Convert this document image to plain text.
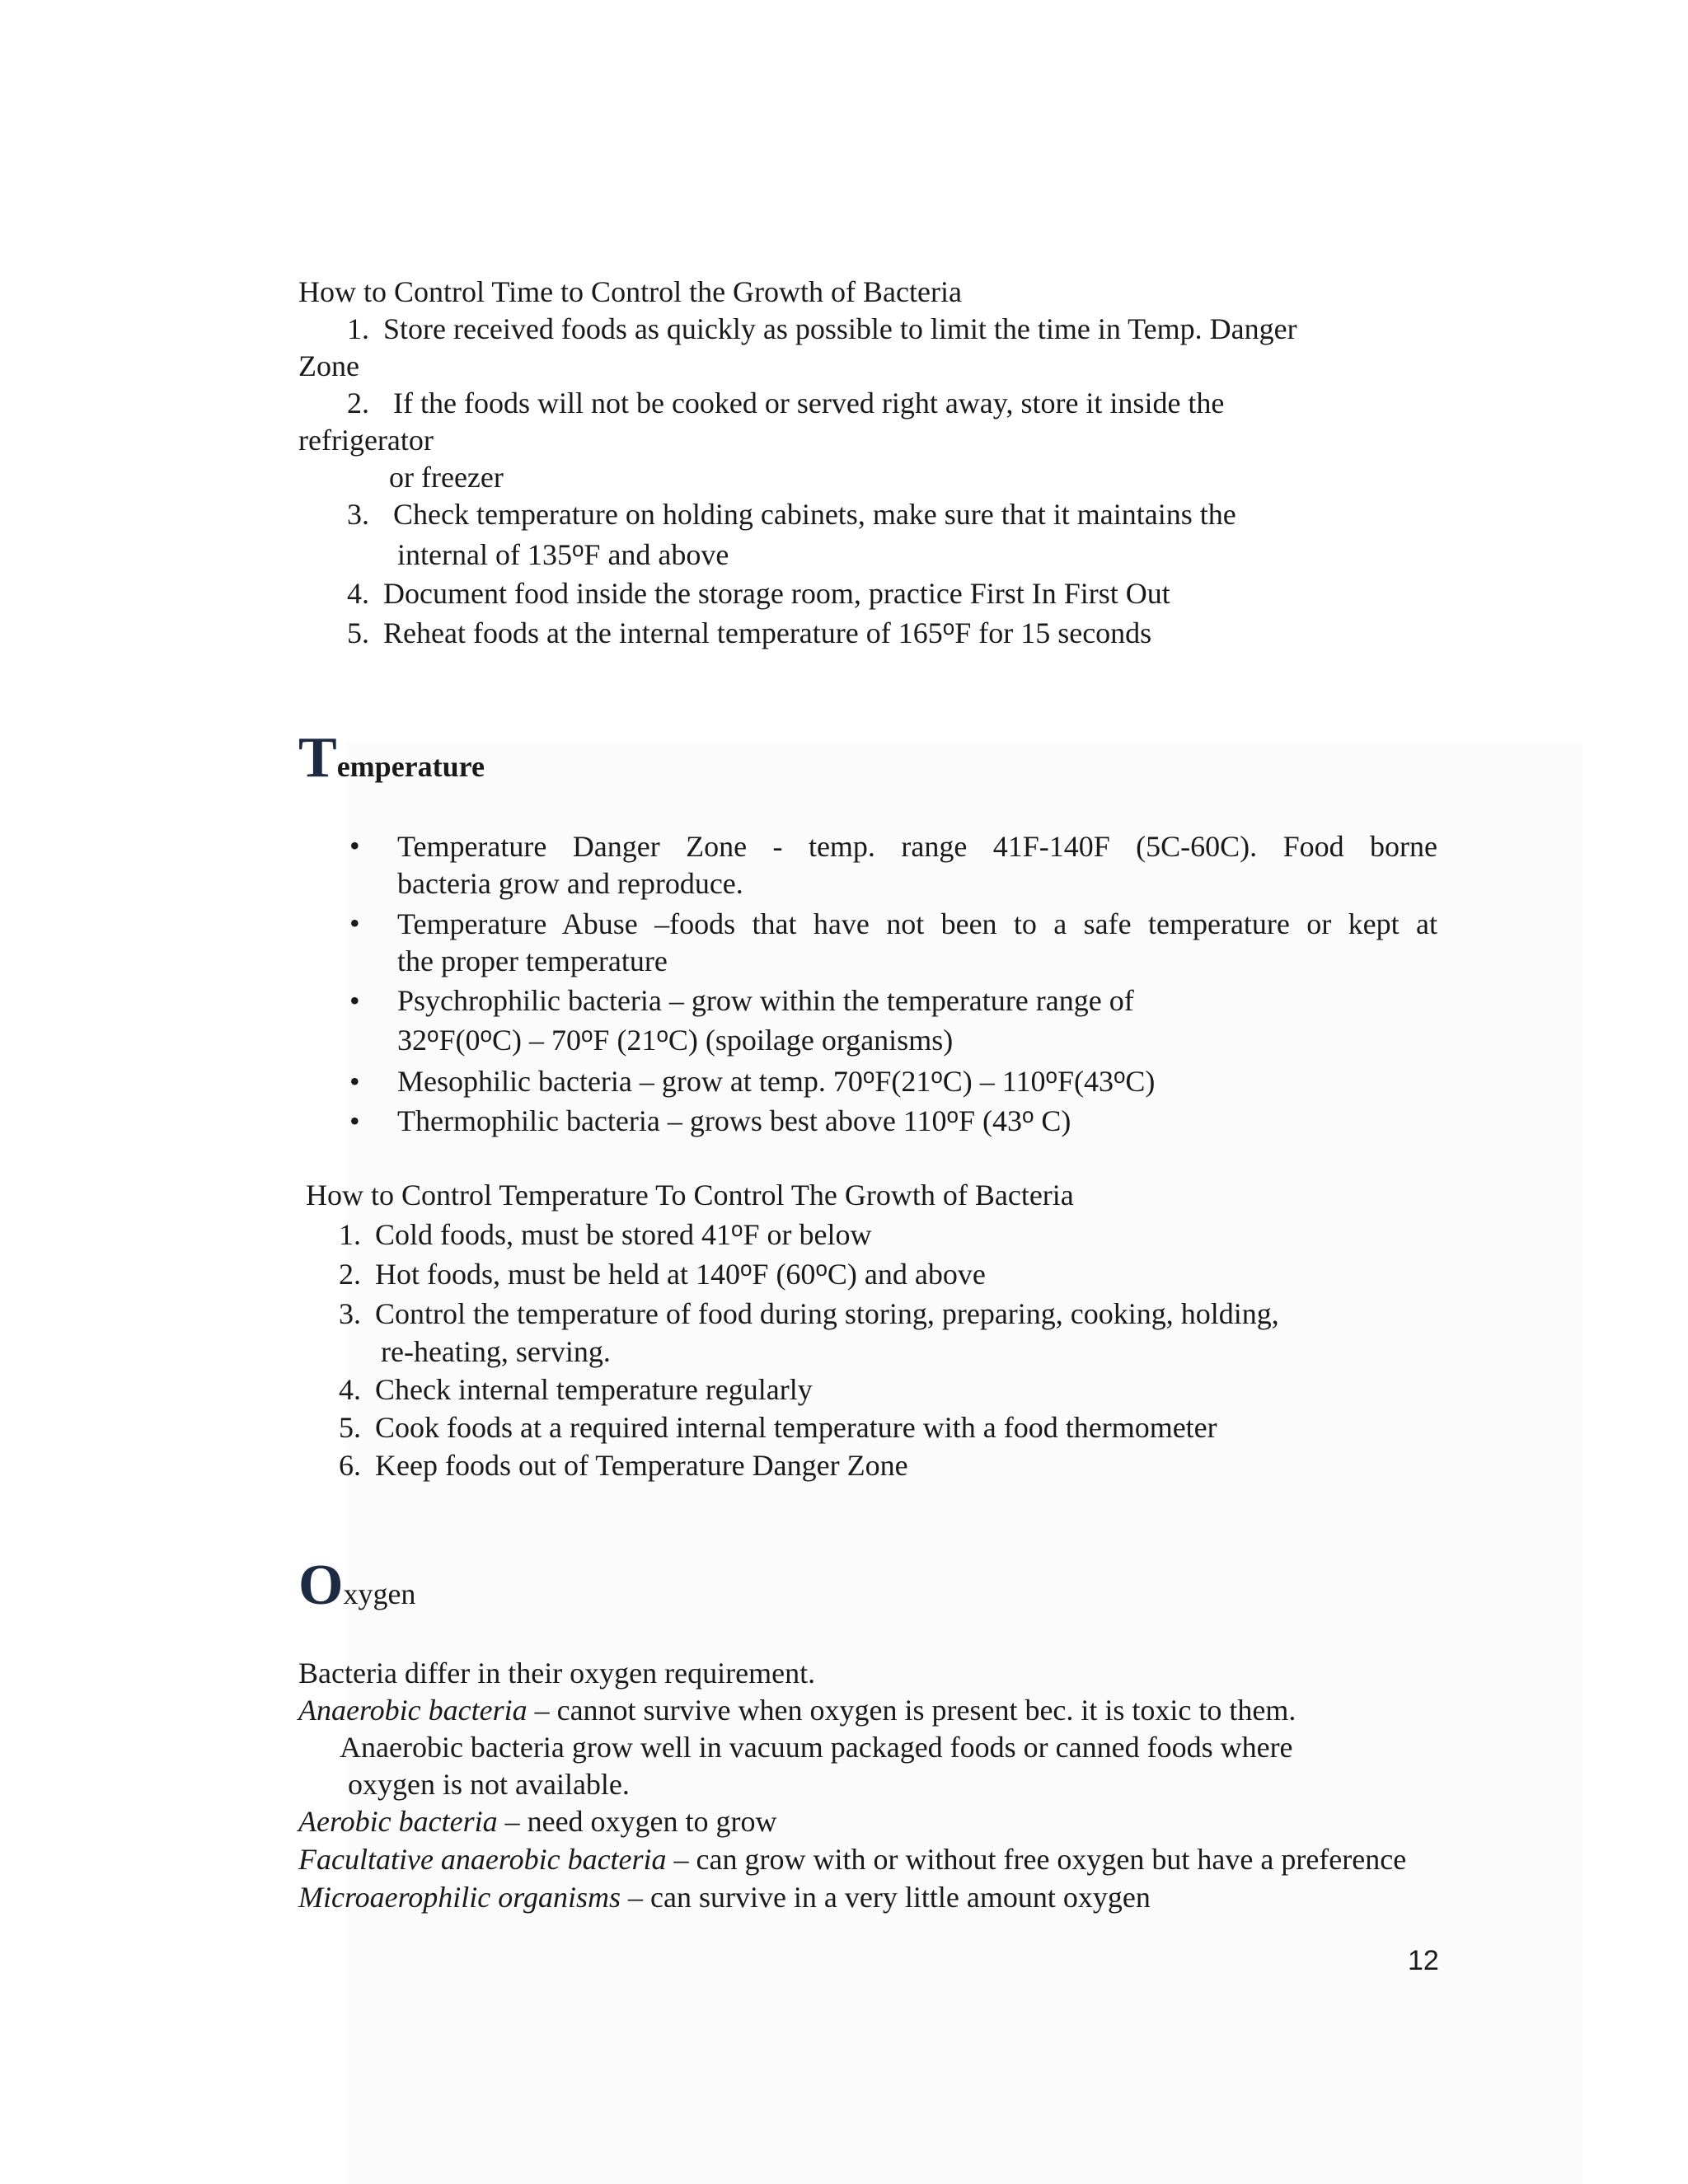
How to Control Time to Control the Growth of Bacteria
1. Store received foods as quickly as possible to limit the time in Temp. Danger
Zone
2. If the foods will not be cooked or served right away, store it inside the
refrigerator
or freezer
3. Check temperature on holding cabinets, make sure that it maintains the
internal of 135$^o$F and above
4. Document food inside the storage room, practice First In First Out
5. Reheat foods at the internal temperature of 165$^o$F for 15 seconds
Temperature
• Temperature Danger Zone - temp. range 41F-140F (5C-60C). Food borne
bacteria grow and reproduce.
• Temperature Abuse –foods that have not been to a safe temperature or kept at
the proper temperature
• Psychrophilic bacteria – grow within the temperature range of
32$^o$F(0$^o$C) – 70$^o$F (21$^o$C) (spoilage organisms)
• Mesophilic bacteria – grow at temp. 70$^o$F(21$^o$C) – 110$^o$F(43$^o$C)
• Thermophilic bacteria – grows best above 110$^o$F (43$^o$ C)
How to Control Temperature To Control The Growth of Bacteria
1. Cold foods, must be stored 41$^o$F or below
2. Hot foods, must be held at 140$^o$F (60$^o$C) and above
3. Control the temperature of food during storing, preparing, cooking, holding,
re-heating, serving.
4. Check internal temperature regularly
5. Cook foods at a required internal temperature with a food thermometer
6. Keep foods out of Temperature Danger Zone
Oxygen
Bacteria differ in their oxygen requirement.
Anaerobic bacteria – cannot survive when oxygen is present bec. it is toxic to them.
Anaerobic bacteria grow well in vacuum packaged foods or canned foods where
oxygen is not available.
Aerobic bacteria – need oxygen to grow
Facultative anaerobic bacteria – can grow with or without free oxygen but have a preference
Microaerophilic organisms – can survive in a very little amount oxygen
12
